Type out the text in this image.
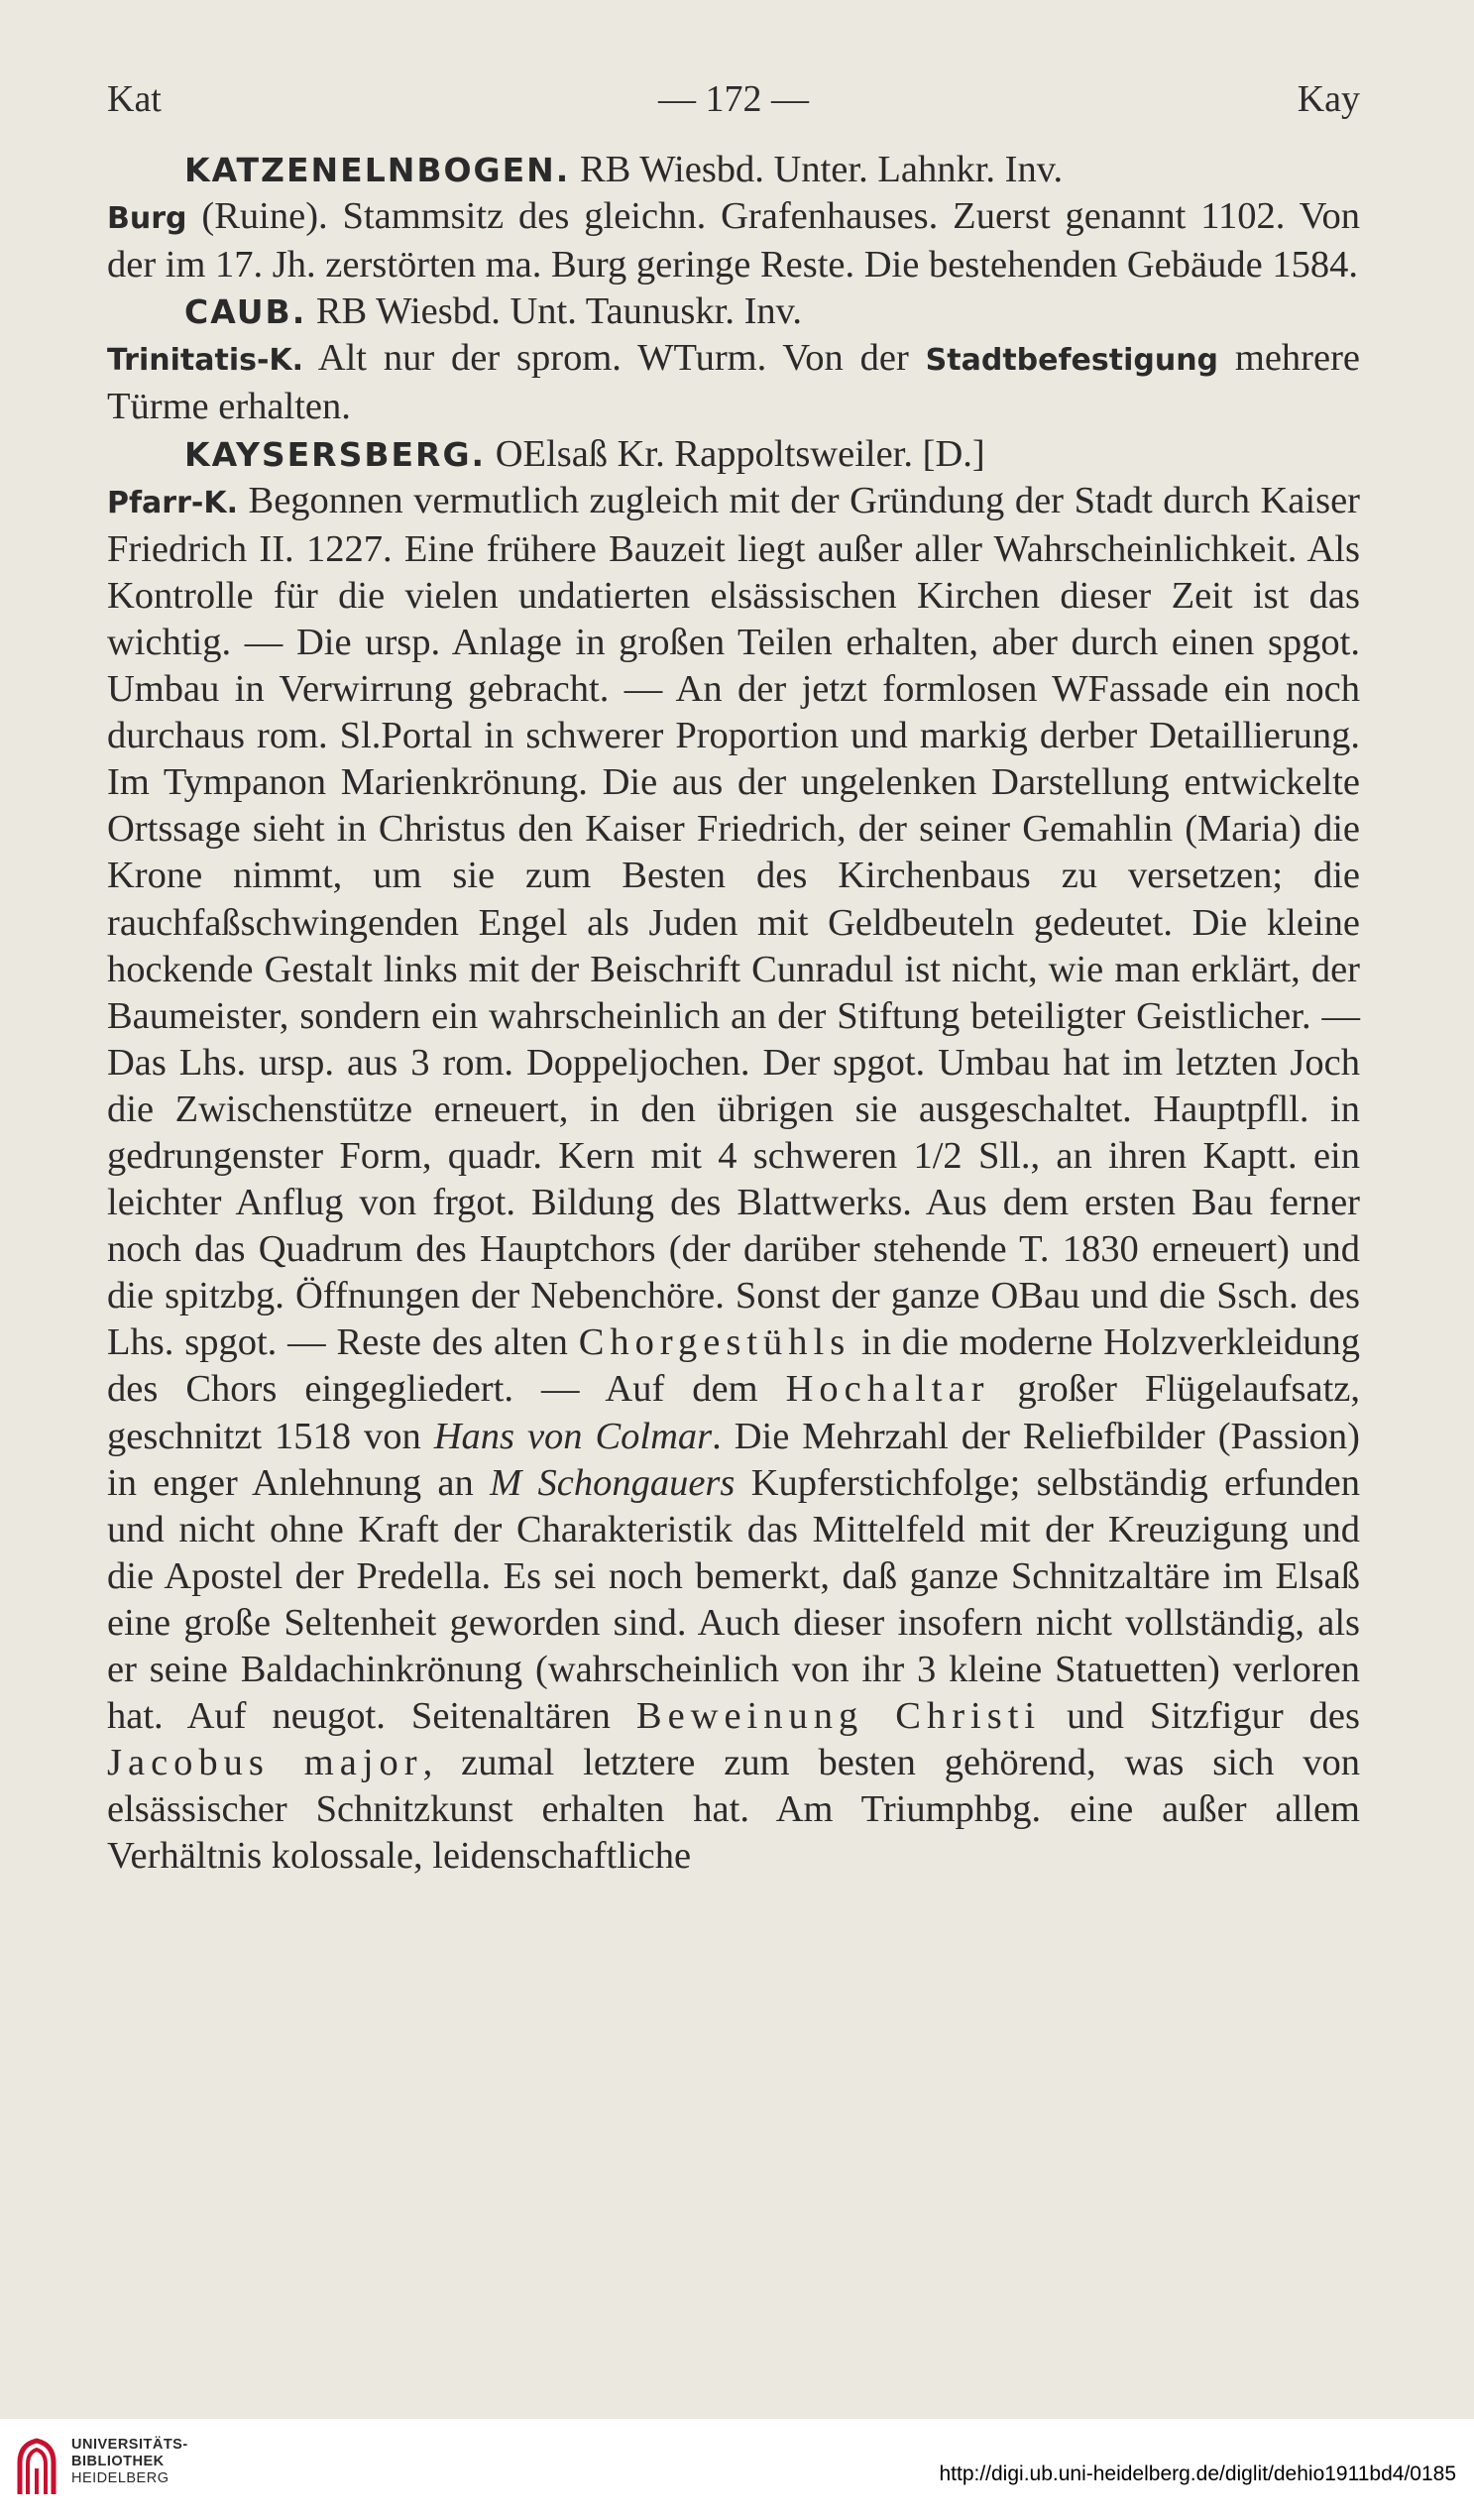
Kat	— 172 —	Kay

KATZENELNBOGEN. RB Wiesbd. Unter. Lahnkr. Inv.
Burg (Ruine). Stammsitz des gleichn. Grafenhauses. Zuerst genannt 1102. Von der im 17. Jh. zerstörten ma. Burg geringe Reste. Die bestehenden Gebäude 1584.

CAUB. RB Wiesbd. Unt. Taunuskr. Inv.
Trinitatis-K. Alt nur der sprom. WTurm. Von der Stadtbefestigung mehrere Türme erhalten.

KAYSERSBERG. OElsaß Kr. Rappoltsweiler. [D.]
Pfarr-K. Begonnen vermutlich zugleich mit der Gründung der Stadt durch Kaiser Friedrich II. 1227. Eine frühere Bauzeit liegt außer aller Wahrscheinlichkeit. Als Kontrolle für die vielen undatierten elsässischen Kirchen dieser Zeit ist das wichtig. — Die ursp. Anlage in großen Teilen erhalten, aber durch einen spgot. Umbau in Verwirrung gebracht. — An der jetzt formlosen WFassade ein noch durchaus rom. Sl.Portal in schwerer Proportion und markig derber Detaillierung. Im Tympanon Marienkrönung. Die aus der ungelenken Darstellung entwickelte Ortssage sieht in Christus den Kaiser Friedrich, der seiner Gemahlin (Maria) die Krone nimmt, um sie zum Besten des Kirchenbaus zu versetzen; die rauchfaßschwingenden Engel als Juden mit Geldbeuteln gedeutet. Die kleine hockende Gestalt links mit der Beischrift Cunradul ist nicht, wie man erklärt, der Baumeister, sondern ein wahrscheinlich an der Stiftung beteiligter Geistlicher. — Das Lhs. ursp. aus 3 rom. Doppeljochen. Der spgot. Umbau hat im letzten Joch die Zwischenstütze erneuert, in den übrigen sie ausgeschaltet. Hauptpfll. in gedrungenster Form, quadr. Kern mit 4 schweren 1/2 Sll., an ihren Kaptt. ein leichter Anflug von frgot. Bildung des Blattwerks. Aus dem ersten Bau ferner noch das Quadrum des Hauptchors (der darüber stehende T. 1830 erneuert) und die spitzbg. Öffnungen der Nebenchöre. Sonst der ganze OBau und die Ssch. des Lhs. spgot. — Reste des alten Chorgestühls in die moderne Holzverkleidung des Chors eingegliedert. — Auf dem Hochaltar großer Flügelaufsatz, geschnitzt 1518 von Hans von Colmar. Die Mehrzahl der Reliefbilder (Passion) in enger Anlehnung an M Schongauers Kupferstichfolge; selbständig erfunden und nicht ohne Kraft der Charakteristik das Mittelfeld mit der Kreuzigung und die Apostel der Predella. Es sei noch bemerkt, daß ganze Schnitzaltäre im Elsaß eine große Seltenheit geworden sind. Auch dieser insofern nicht vollständig, als er seine Baldachinkrönung (wahrscheinlich von ihr 3 kleine Statuetten) verloren hat. Auf neugot. Seitenaltären Beweinung Christi und Sitzfigur des Jacobus major, zumal letztere zum besten gehörend, was sich von elsässischer Schnitzkunst erhalten hat. Am Triumphbg. eine außer allem Verhältnis kolossale, leidenschaftliche

UNIVERSITÄTS-
BIBLIOTHEK
HEIDELBERG	http://digi.ub.uni-heidelberg.de/diglit/dehio1911bd4/0185
